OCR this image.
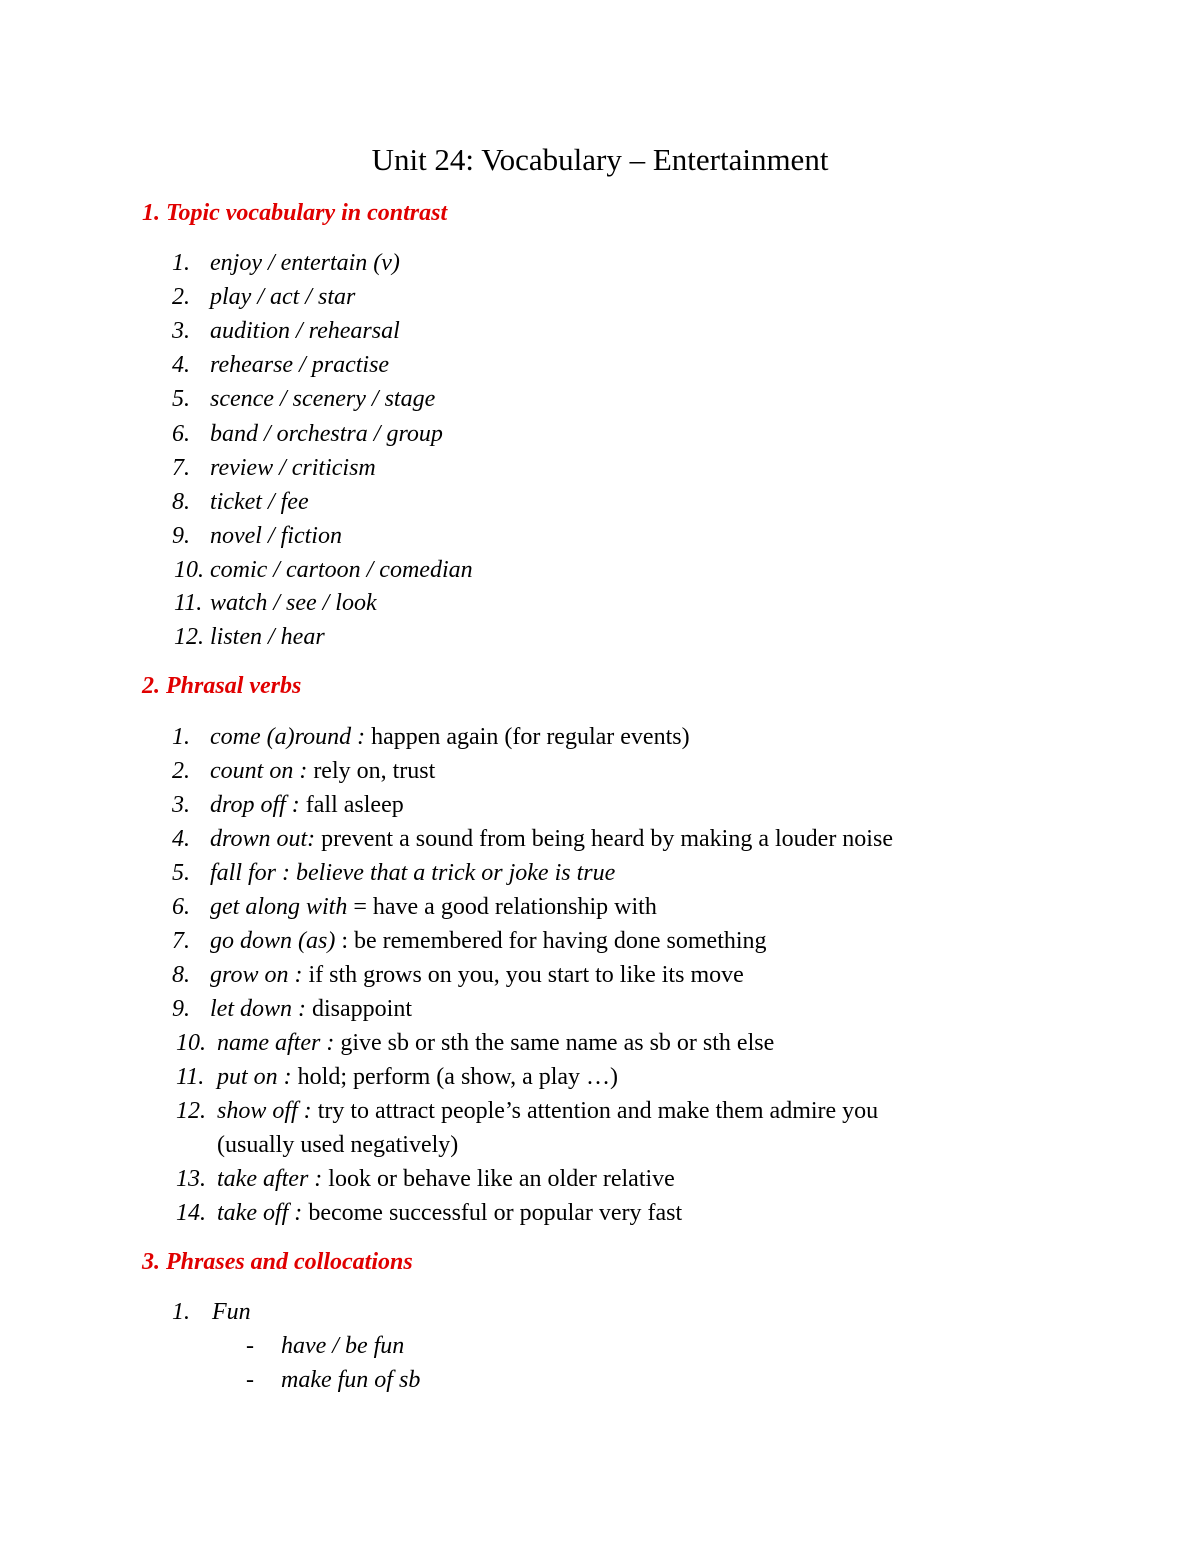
Unit 24: Vocabulary – Entertainment
1. Topic vocabulary in contrast
1. enjoy / entertain (v)
2. play / act / star
3. audition / rehearsal
4. rehearse / practise
5. scence / scenery / stage
6. band / orchestra / group
7. review / criticism
8. ticket / fee
9. novel / fiction
10. comic / cartoon / comedian
11. watch / see / look
12. listen / hear
2. Phrasal verbs
1. come (a)round : happen again (for regular events)
2. count on : rely on, trust
3. drop off : fall asleep
4. drown out: prevent a sound from being heard by making a louder noise
5. fall for : believe that a trick or joke is true
6. get along with = have a good relationship with
7. go down (as) : be remembered for having done something
8. grow on : if sth grows on you, you start to like its move
9. let down : disappoint
10. name after : give sb or sth the same name as sb or sth else
11. put on : hold; perform (a show, a play …)
12. show off : try to attract people’s attention and make them admire you
(usually used negatively)
13. take after : look or behave like an older relative
14. take off : become successful or popular very fast
3. Phrases and collocations
1. Fun
- have / be fun
- make fun of sb
